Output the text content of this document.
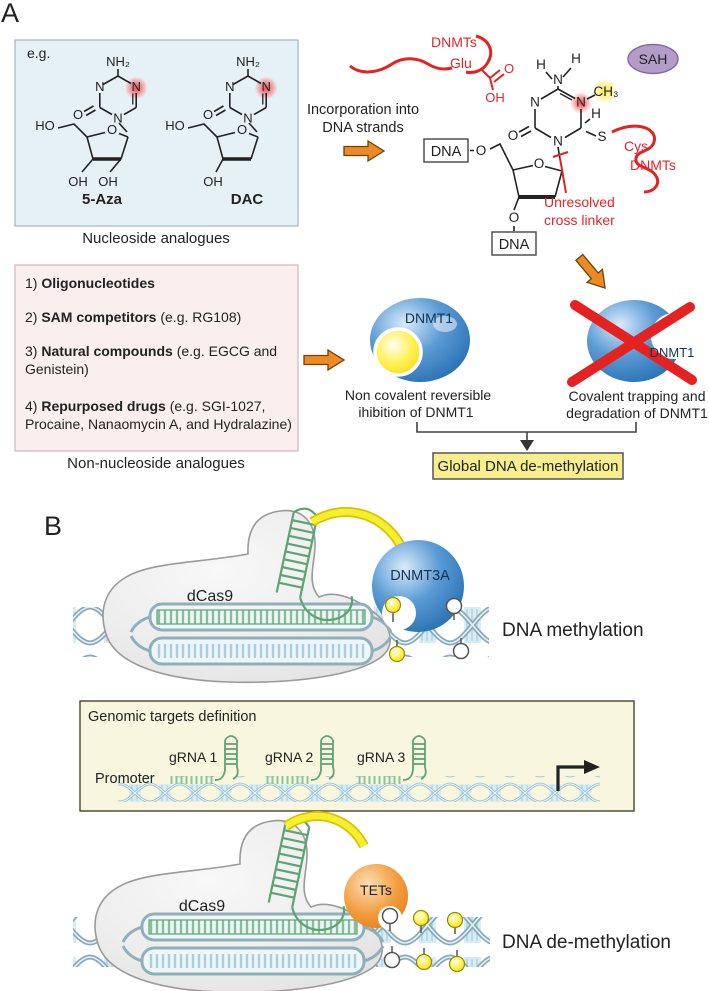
A
e.g.
NH₂
N N
N
O
O
HO
OH OH
5-Aza
NH₂
N N
N
O
O
HO
OH
DAC
Nucleoside analogues
Incorporation into
DNA strands
DNMTs
Glu O
OH
SAH
N
H H
N	N
N
CH₃
H
O	S
O
O
O
DNA
DNA
Cys
DNMTs
Unresolved
cross linker
1) Oligonucleotides
2) SAM competitors (e.g. RG108)
3) Natural compounds (e.g. EGCG and
Genistein)
4) Repurposed drugs (e.g. SGI-1027,
Procaine, Nanaomycin A, and Hydralazine)
Non-nucleoside analogues
DNMT1
Non covalent reversible
ihibition of DNMT1
DNMT1
Covalent trapping and
degradation of DNMT1
Global DNA de-methylation
B
DNMT3A
dCas9
DNA methylation
Genomic targets definition
gRNA 1	gRNA 2	gRNA 3
Promoter
TETs
dCas9
DNA de-methylation
